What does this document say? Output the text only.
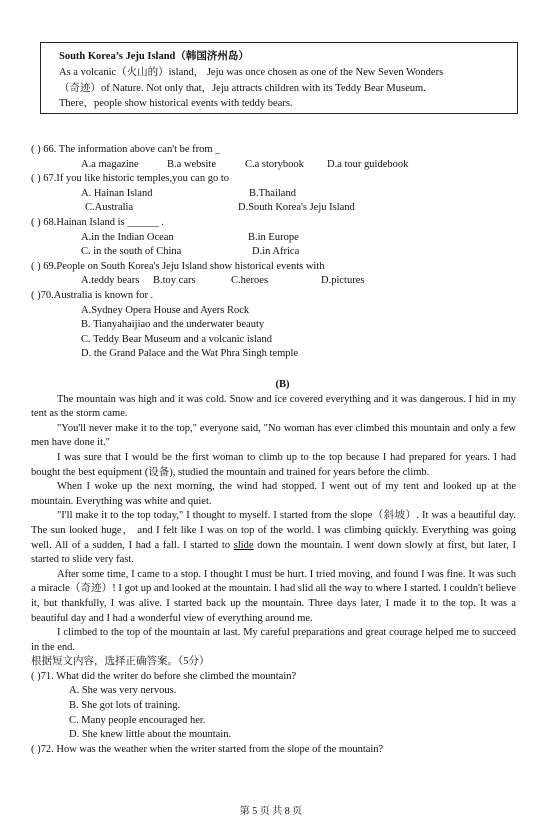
South Korea’s Jeju Island（韩国济州岛）

As a volcanic（火山的）island， Jeju was once chosen as one of the New Seven Wonders

（奇迹）of Nature. Not only that，Jeju attracts children with its Teddy Bear Museum.

There，people show historical events with teddy bears.

( ) 66. The information above can't be from _
A.a magazine	B.a website	C.a storybook	D.a tour guidebook
( ) 67.If you like historic temples,you can go to
A. Hainan Island	B.Thailand
C.Australia	D.South Korea's Jeju Island
( ) 68.Hainan Island is ______ .
A.in the Indian Ocean	B.in Europe
C. in the south of China	D.in Africa
( ) 69.People on South Korea's Jeju Island show historical events with
A.teddy bears	B.toy cars	C.heroes	D.pictures
( )70.Australia is known for .
A.Sydney Opera House and Ayers Rock
B. Tianyahaijiao and the underwater beauty
C. Teddy Bear Museum and a volcanic island
D. the Grand Palace and the Wat Phra Singh temple
(B)

The mountain was high and it was cold. Snow and ice covered everything and it was dangerous. I hid in my tent as the storm came.

"You'll never make it to the top," everyone said, "No woman has ever climbed this mountain and only a few men have done it."

I was sure that I would be the first woman to climb up to the top because I had prepared for years. I had bought the best equipment (设备), studied the mountain and trained for years before the climb.

When I woke up the next morning, the wind had stopped. I went out of my tent and looked up at the mountain. Everything was white and quiet.

"I'll make it to the top today," I thought to myself. I started from the slope（斜坡）. It was a beautiful day. The sun looked huge， and I felt like I was on top of the world. I was climbing quickly. Everything was going well. All of a sudden, I had a fall. I started to slide down the mountain. I went down slowly at first, but later, I started to slide very fast.

After some time, I came to a stop. I thought I must be hurt. I tried moving, and found I was fine. It was such a miracle（奇迹）! I got up and looked at the mountain. I had slid all the way to where I started. I couldn't believe it, but thankfully, I was alive. I started back up the mountain. Three days later, I made it to the top. It was a beautiful day and I had a wonderful view of everything around me.

I climbed to the top of the mountain at last. My careful preparations and great courage helped me to succeed in the end.

根据短文内容，选择正确答案。（5分）

( )71. What did the writer do before she climbed the mountain?
A. She was very nervous.
B. She got lots of training.
C. Many people encouraged her.
D. She knew little about the mountain.
( )72. How was the weather when the writer started from the slope of the mountain?
第 5 页 共 8 页
